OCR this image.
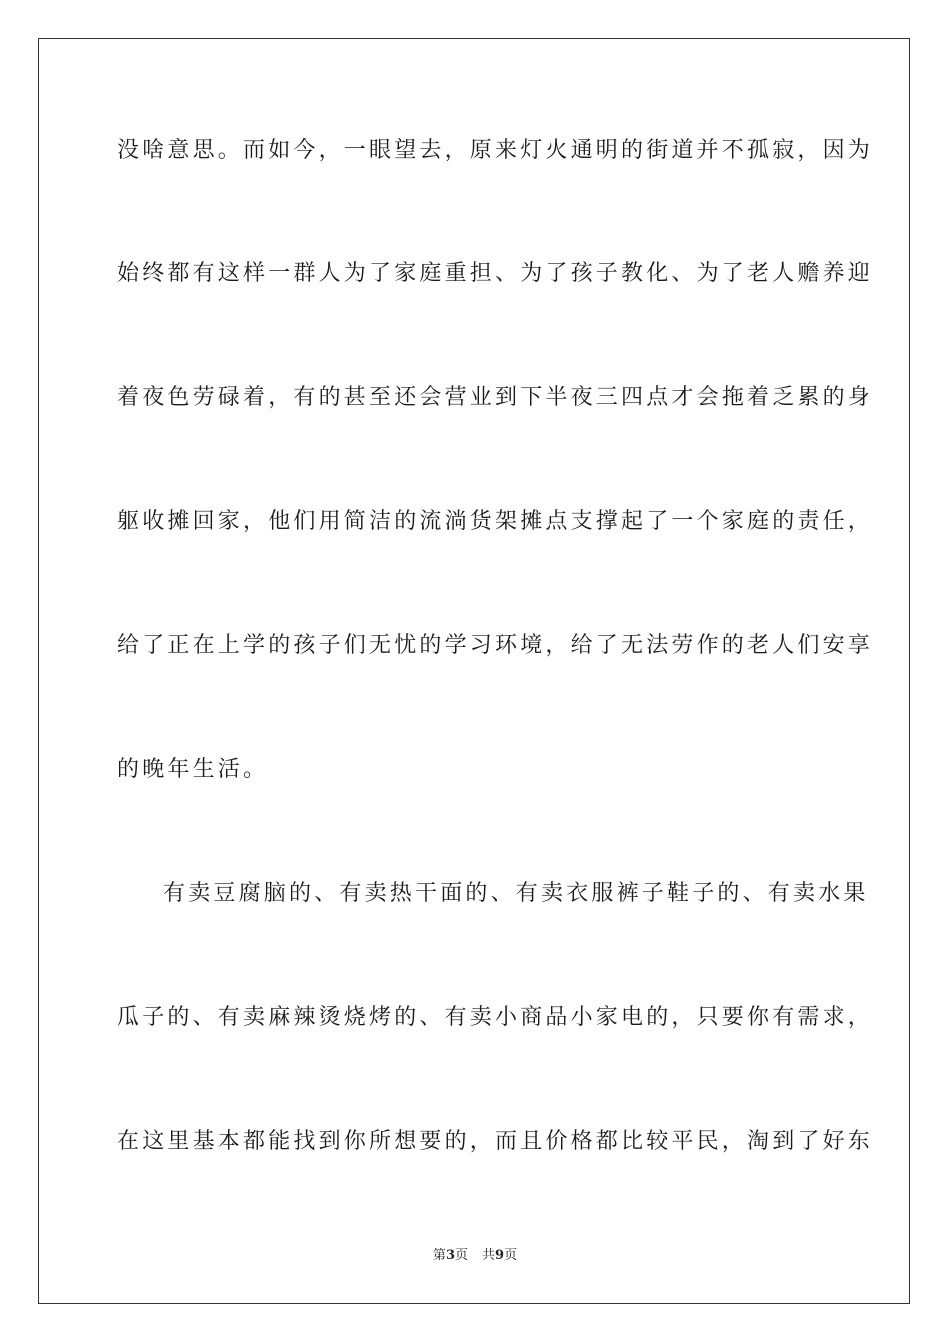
没啥意思。而如今，一眼望去，原来灯火通明的街道并不孤寂，因为
始终都有这样一群人为了家庭重担、为了孩子教化、为了老人赡养迎
着夜色劳碌着，有的甚至还会营业到下半夜三四点才会拖着乏累的身
躯收摊回家，他们用简洁的流淌货架摊点支撑起了一个家庭的责任，
给了正在上学的孩子们无忧的学习环境，给了无法劳作的老人们安享
的晚年生活。
有卖豆腐脑的、有卖热干面的、有卖衣服裤子鞋子的、有卖水果
瓜子的、有卖麻辣烫烧烤的、有卖小商品小家电的，只要你有需求，
在这里基本都能找到你所想要的，而且价格都比较平民，淘到了好东
第3页 共9页
